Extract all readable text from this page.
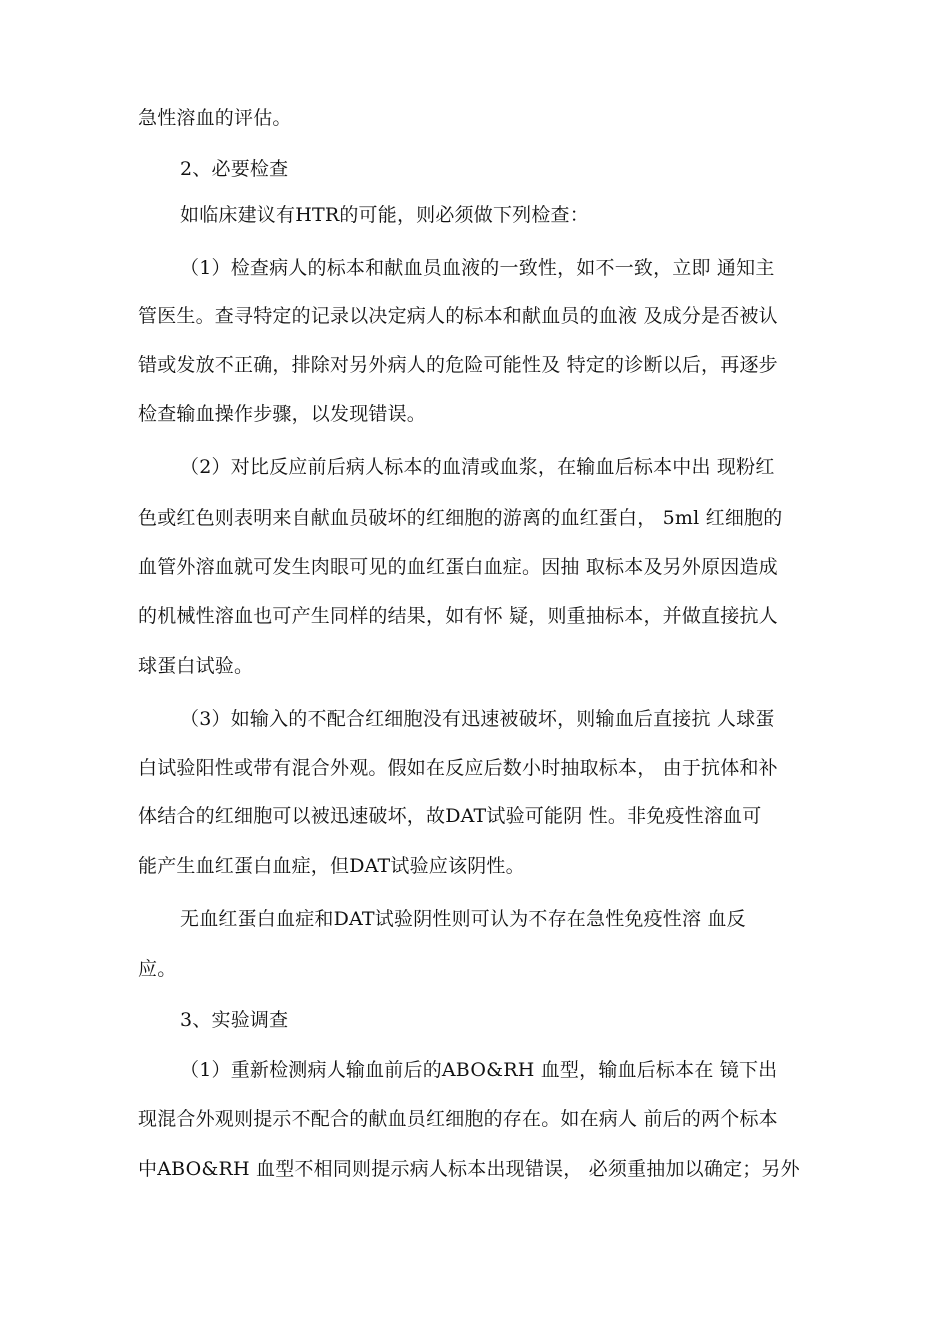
急性溶血的评估。
2、必要检查
如临床建议有HTR的可能，则必须做下列检查：
（1）检查病人的标本和献血员血液的一致性，如不一致，立即 通知主
管医生。查寻特定的记录以决定病人的标本和献血员的血液 及成分是否被认
错或发放不正确，排除对另外病人的危险可能性及 特定的诊断以后，再逐步
检查输血操作步骤，以发现错误。
（2）对比反应前后病人标本的血清或血浆，在输血后标本中出 现粉红
色或红色则表明来自献血员破坏的红细胞的游离的血红蛋白， 5ml 红细胞的
血管外溶血就可发生肉眼可见的血红蛋白血症。因抽 取标本及另外原因造成
的机械性溶血也可产生同样的结果，如有怀 疑，则重抽标本，并做直接抗人
球蛋白试验。
（3）如输入的不配合红细胞没有迅速被破坏，则输血后直接抗 人球蛋
白试验阳性或带有混合外观。假如在反应后数小时抽取标本， 由于抗体和补
体结合的红细胞可以被迅速破坏，故DAT试验可能阴 性。非免疫性溶血可
能产生血红蛋白血症，但DAT试验应该阴性。
无血红蛋白血症和DAT试验阴性则可认为不存在急性免疫性溶 血反
应。
3、实验调查
（1）重新检测病人输血前后的ABO&RH 血型，输血后标本在 镜下出
现混合外观则提示不配合的献血员红细胞的存在。如在病人 前后的两个标本
中ABO&RH 血型不相同则提示病人标本出现错误， 必须重抽加以确定；另外
